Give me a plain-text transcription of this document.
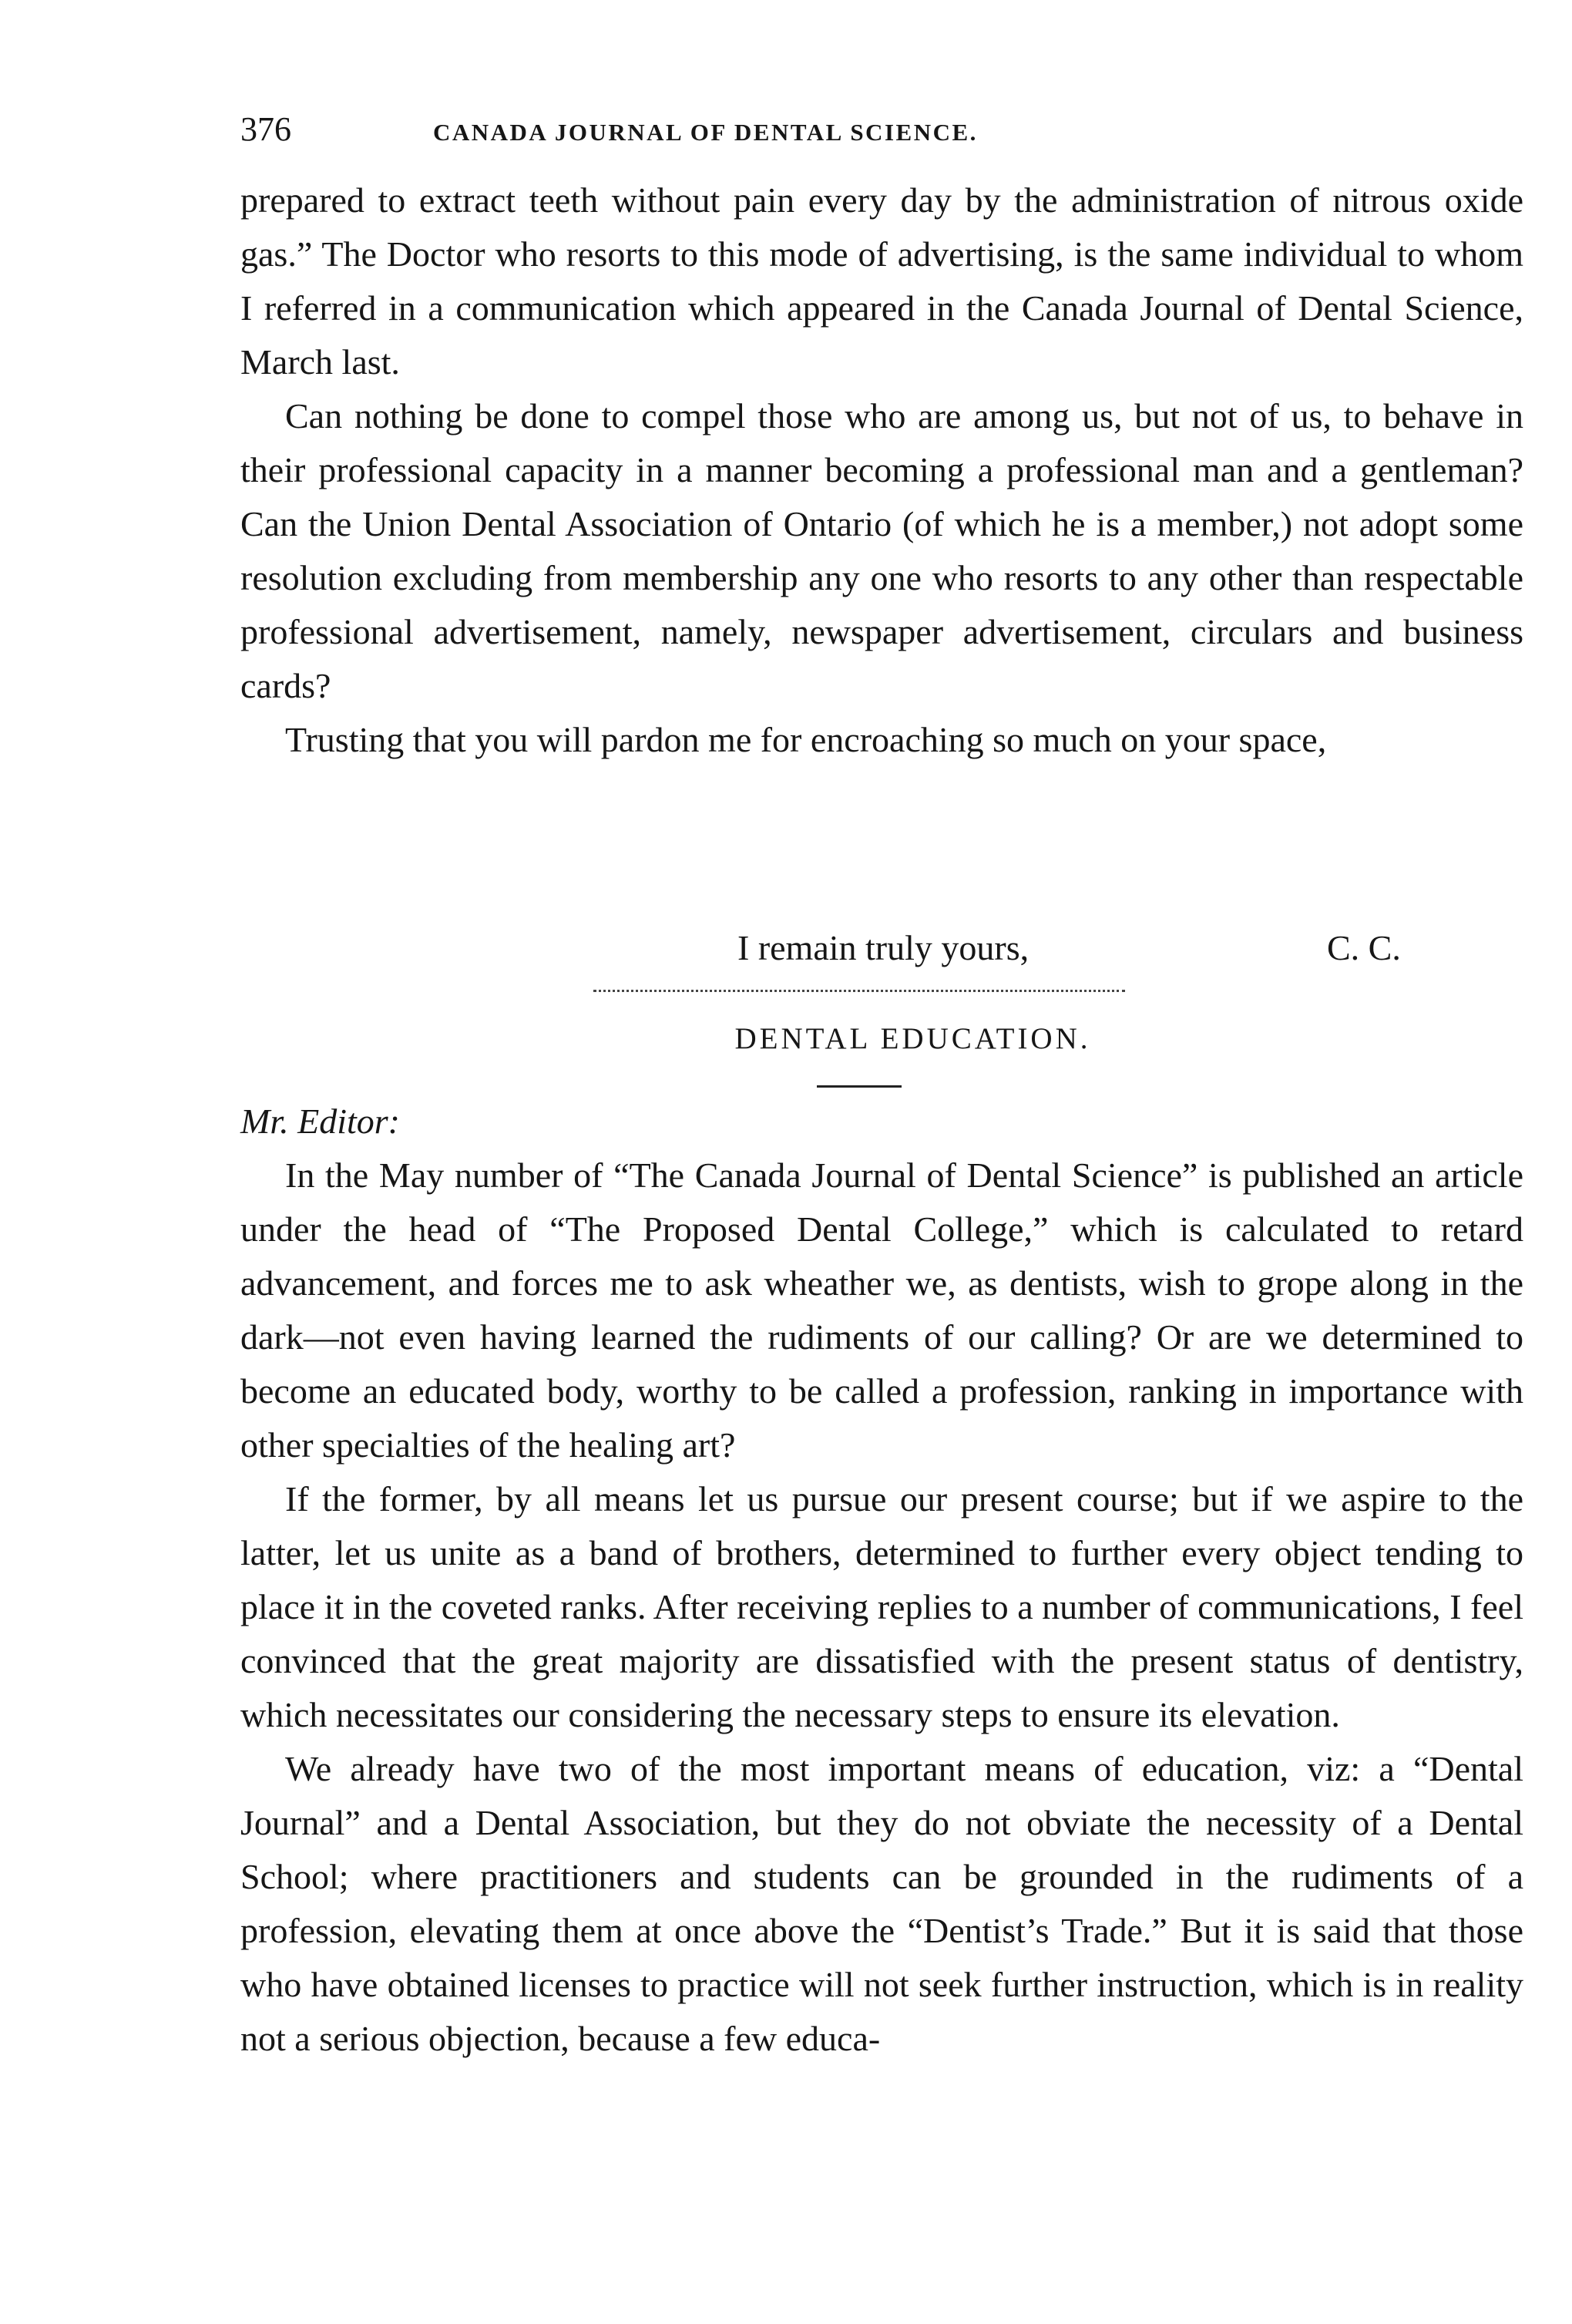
376	CANADA JOURNAL OF DENTAL SCIENCE.

prepared to extract teeth without pain every day by the administration of nitrous oxide gas.” The Doctor who resorts to this mode of advertising, is the same individual to whom I referred in a communication which appeared in the Canada Journal of Dental Science, March last.

Can nothing be done to compel those who are among us, but not of us, to behave in their professional capacity in a manner becoming a professional man and a gentleman? Can the Union Dental Association of Ontario (of which he is a member,) not adopt some resolution excluding from membership any one who resorts to any other than respectable professional advertisement, namely, newspaper advertisement, circulars and business cards?

Trusting that you will pardon me for encroaching so much on your space,

I remain truly yours,	C. C.
DENTAL EDUCATION.

Mr. Editor:

In the May number of “The Canada Journal of Dental Science” is published an article under the head of “The Proposed Dental College,” which is calculated to retard advancement, and forces me to ask wheather we, as dentists, wish to grope along in the dark—not even having learned the rudiments of our calling? Or are we determined to become an educated body, worthy to be called a profession, ranking in importance with other specialties of the healing art?

If the former, by all means let us pursue our present course; but if we aspire to the latter, let us unite as a band of brothers, determined to further every object tending to place it in the coveted ranks. After receiving replies to a number of communications, I feel convinced that the great majority are dissatisfied with the present status of dentistry, which necessitates our considering the necessary steps to ensure its elevation.

We already have two of the most important means of education, viz: a “Dental Journal” and a Dental Association, but they do not obviate the necessity of a Dental School; where practitioners and students can be grounded in the rudiments of a profession, elevating them at once above the “Dentist’s Trade.” But it is said that those who have obtained licenses to practice will not seek further instruction, which is in reality not a serious objection, because a few educa-
